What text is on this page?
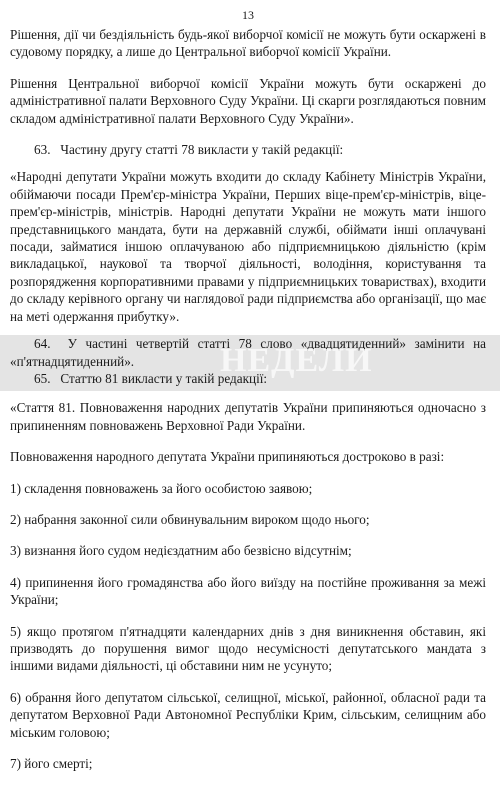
13

Рішення, дії чи бездіяльність будь-якої виборчої комісії не можуть бути оскаржені в судовому порядку, а лише до Центральної виборчої комісії України.

Рішення Центральної виборчої комісії України можуть бути оскаржені до адміністративної палати Верховного Суду України. Ці скарги розглядаються повним складом адміністративної палати Верховного Суду України».

63.   Частину другу статті 78 викласти у такій редакції:

«Народні депутати України можуть входити до складу Кабінету Міністрів України, обіймаючи посади Прем'єр-міністра України, Перших віце-прем'єр-міністрів, віце-прем'єр-міністрів, міністрів. Народні депутати України не можуть мати іншого представницького мандата, бути на державній службі, обіймати інші оплачувані посади, займатися іншою оплачуваною або підприємницькою діяльністю (крім викладацької, наукової та творчої діяльності, володіння, користування та розпорядження корпоративними правами у підприємницьких товариствах), входити до складу керівного органу чи наглядової ради підприємства або організації, що має на меті одержання прибутку».

НЕДЕЛИ

64.  У частині четвертій статті 78 слово «двадцятиденний» замінити на «п'ятнадцятиденний».

65.   Статтю 81 викласти у такій редакції:

«Стаття 81. Повноваження народних депутатів України припиняються одночасно з припиненням повноважень Верховної Ради України.

Повноваження народного депутата України припиняються достроково в разі:

1) складення повноважень за його особистою заявою;

2) набрання законної сили обвинувальним вироком щодо нього;

3) визнання його судом недієздатним або безвісно відсутнім;

4) припинення його громадянства або його виїзду на постійне проживання за межі України;

5) якщо протягом п'ятнадцяти календарних днів з дня виникнення обставин, які призводять до порушення вимог щодо несумісності депутатського мандата з іншими видами діяльності, ці обставини ним не усунуто;

6) обрання його депутатом сільської, селищної, міської, районної, обласної ради та депутатом Верховної Ради Автономної Республіки Крим, сільським, селищним або міським головою;

7) його смерті;
